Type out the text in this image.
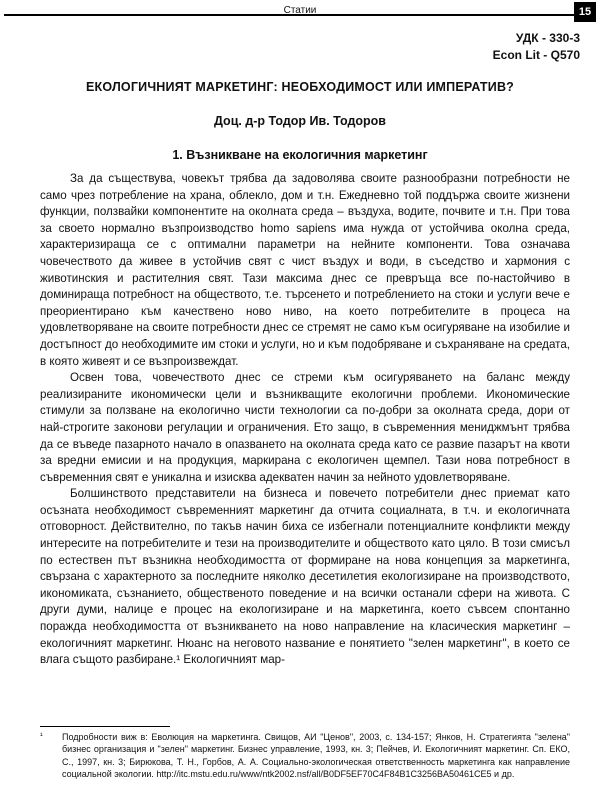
Статии	15
УДК - 330-3
Econ Lit - Q570
ЕКОЛОГИЧНИЯТ МАРКЕТИНГ: НЕОБХОДИМОСТ ИЛИ ИМПЕРАТИВ?
Доц. д-р Тодор Ив. Тодоров
1. Възникване на екологичния маркетинг

За да съществува, човекът трябва да задоволява своите разнообразни потребности не само чрез потребление на храна, облекло, дом и т.н. Ежедневно той поддържа своите жизнени функции, ползвайки компонентите на околната среда – въздуха, водите, почвите и т.н. При това за своето нормално възпроизводство homo sapiens има нужда от устойчива околна среда, характеризираща се с оптимални параметри на нейните компоненти. Това означава човечеството да живее в устойчив свят с чист въздух и води, в съседство и хармония с животинския и растителния свят. Тази максима днес се превръща все по-настойчиво в доминираща потребност на обществото, т.е. търсенето и потреблението на стоки и услуги вече е преориентирано към качествено ново ниво, на което потребителите в процеса на удовлетворяване на своите потребности днес се стремят не само към осигуряване на изобилие и достъпност до необходимите им стоки и услуги, но и към подобряване и съхраняване на средата, в която живеят и се възпроизвеждат.

Освен това, човечеството днес се стреми към осигуряването на баланс между реализираните икономически цели и възникващите екологични проблеми. Икономические стимули за ползване на екологично чисти технологии са по-добри за околната среда, дори от най-строгите законови регулации и ограничения. Ето защо, в съвременния мениджмънт трябва да се въведе пазарното начало в опазването на околната среда като се развие пазарът на квоти за вредни емисии и на продукция, маркирана с екологичен щемпел. Тази нова потребност в съвременния свят е уникална и изисква адекватен начин за нейното удовлетворяване.

Болшинството представители на бизнеса и повечето потребители днес приемат като осъзната необходимост съвременният маркетинг да отчита социалната, в т.ч. и екологичната отговорност. Действително, по такъв начин биха се избегнали потенциалните конфликти между интересите на потребителите и тези на производителите и обществото като цяло. В този смисъл по естествен път възникна необходимостта от формиране на нова концепция за маркетинга, свързана с характерното за последните няколко десетилетия екологизиране на производството, икономиката, съзнанието, общественото поведение и на всички останали сфери на живота. С други думи, налице е процес на екологизиране и на маркетинга, което съвсем спонтанно поражда необходимостта от възникването на ново направление на класическия маркетинг – екологичният маркетинг. Нюанс на неговото название е понятието "зелен маркетинг", в което се влага същото разбиране.¹ Екологичният мар-

¹ Подробности виж в: Еволюция на маркетинга. Свищов, АИ "Ценов", 2003, с. 134-157; Янков, Н. Стратегията "зелена" бизнес организация и "зелен" маркетинг. Бизнес управление, 1993, кн. 3; Пейчев, И. Екологичният маркетинг. Сп. ЕКО, С., 1997, кн. 3; Бирюкова, Т. Н., Горбов, А. А. Социально-экологическая ответственность маркетинга как направление социальной экологии. http://itc.mstu.edu.ru/www/ntk2002.nsf/all/B0DF5EF70C4F84B1C3256BA50461CE5 и др.
